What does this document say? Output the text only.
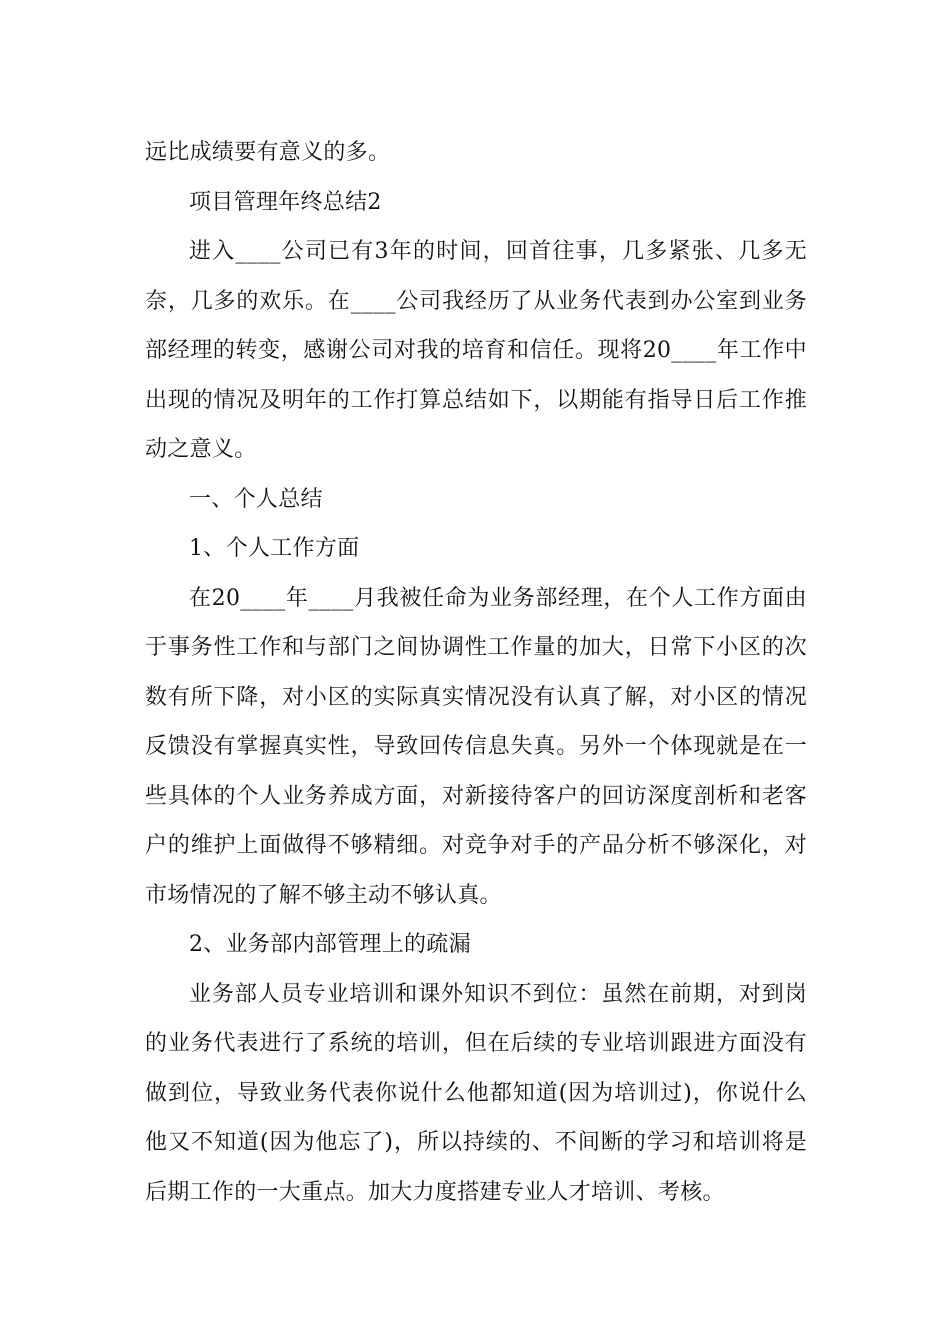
远比成绩要有意义的多。

项目管理年终总结2

进入____公司已有3年的时间，回首往事，几多紧张、几多无奈，几多的欢乐。在____公司我经历了从业务代表到办公室到业务部经理的转变，感谢公司对我的培育和信任。现将20____年工作中出现的情况及明年的工作打算总结如下，以期能有指导日后工作推动之意义。

一、个人总结

1、个人工作方面

在20____年____月我被任命为业务部经理，在个人工作方面由于事务性工作和与部门之间协调性工作量的加大，日常下小区的次数有所下降，对小区的实际真实情况没有认真了解，对小区的情况反馈没有掌握真实性，导致回传信息失真。另外一个体现就是在一些具体的个人业务养成方面，对新接待客户的回访深度剖析和老客户的维护上面做得不够精细。对竞争对手的产品分析不够深化，对市场情况的了解不够主动不够认真。

2、业务部内部管理上的疏漏

业务部人员专业培训和课外知识不到位：虽然在前期，对到岗的业务代表进行了系统的培训，但在后续的专业培训跟进方面没有做到位，导致业务代表你说什么他都知道(因为培训过)，你说什么他又不知道(因为他忘了)，所以持续的、不间断的学习和培训将是后期工作的一大重点。加大力度搭建专业人才培训、考核。
